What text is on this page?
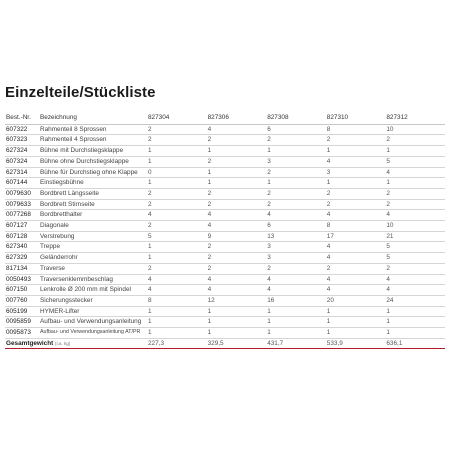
Einzelteile/Stückliste
Best.-Nr.	Bezeichnung	827304	827306	827308	827310	827312
607322	Rahmenteil 8 Sprossen	2	4	6	8	10
607323	Rahmenteil 4 Sprossen	2	2	2	2	2
627324	Bühne mit Durchstiegsklappe	1	1	1	1	1
607324	Bühne ohne Durchstiegsklappe	1	2	3	4	5
627314	Bühne für Durchstieg ohne Klappe	0	1	2	3	4
607144	Einstiegsbühne	1	1	1	1	1
0079630	Bordbrett Längsseite	2	2	2	2	2
0079633	Bordbrett Stirnseite	2	2	2	2	2
0077268	Bordbretthalter	4	4	4	4	4
607127	Diagonale	2	4	6	8	10
607128	Verstrebung	5	9	13	17	21
627340	Treppe	1	2	3	4	5
627329	Geländerrohr	1	2	3	4	5
817134	Traverse	2	2	2	2	2
0050493	Traversenklemmbeschlag	4	4	4	4	4
607150	Lenkrolle Ø 200 mm mit Spindel	4	4	4	4	4
007760	Sicherungsstecker	8	12	16	20	24
605199	HYMER-Lifter	1	1	1	1	1
0095859	Aufbau- und Verwendungsanleitung	1	1	1	1	1
0095873	Aufbau- und Verwendungsanleitung AT/PR	1	1	1	1	1
Gesamtgewicht (ca. kg)		227,3	329,5	431,7	533,9	636,1
